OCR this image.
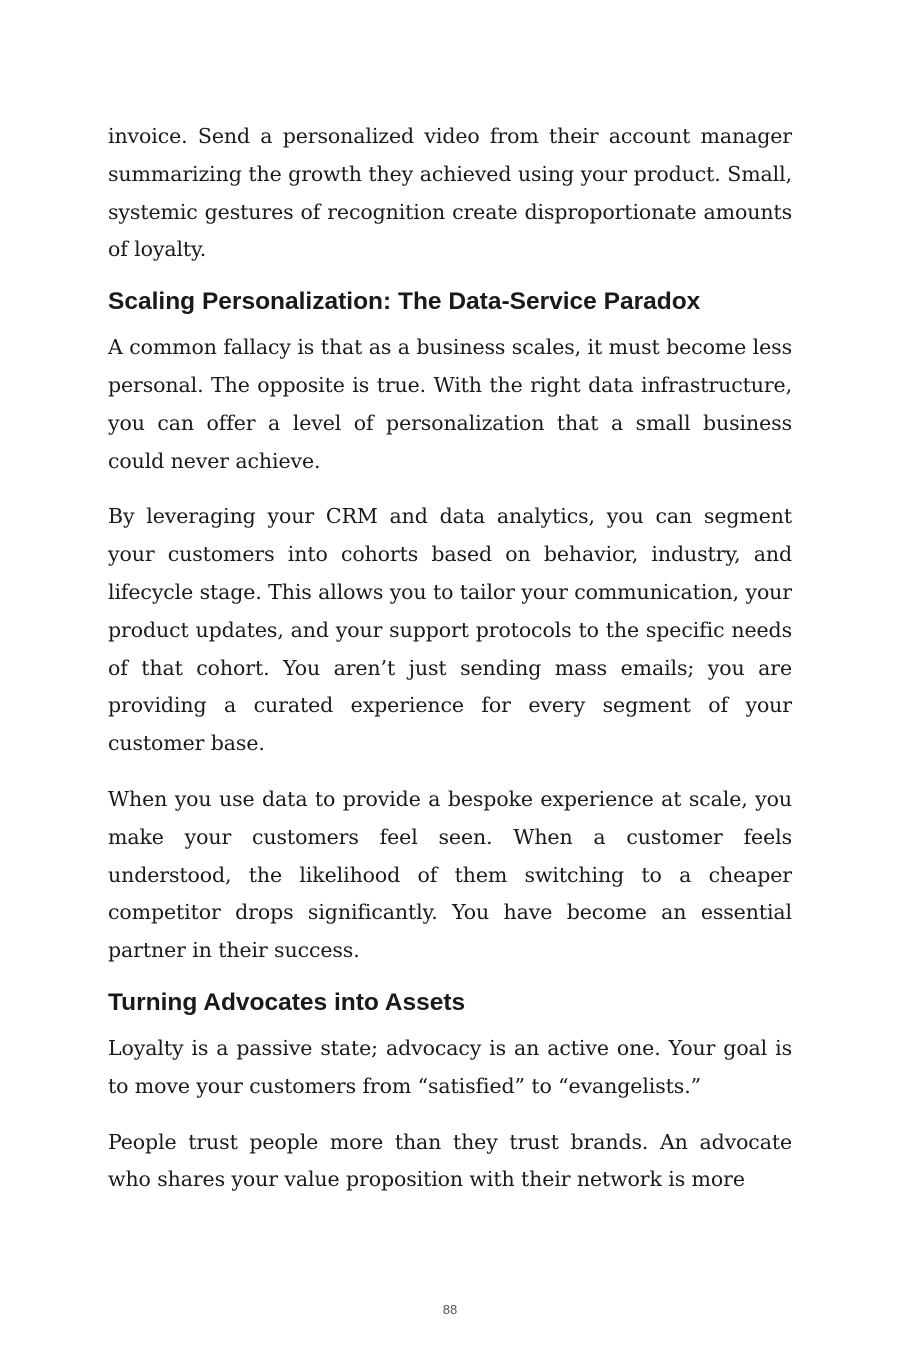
invoice. Send a personalized video from their account manager summarizing the growth they achieved using your product. Small, systemic gestures of recognition create disproportionate amounts of loyalty.

Scaling Personalization: The Data-Service Paradox

A common fallacy is that as a business scales, it must become less personal. The opposite is true. With the right data infrastructure, you can offer a level of personalization that a small business could never achieve.

By leveraging your CRM and data analytics, you can segment your customers into cohorts based on behavior, industry, and lifecycle stage. This allows you to tailor your communication, your product updates, and your support protocols to the specific needs of that cohort. You aren’t just sending mass emails; you are providing a curated experience for every segment of your customer base.

When you use data to provide a bespoke experience at scale, you make your customers feel seen. When a customer feels understood, the likelihood of them switching to a cheaper competitor drops significantly. You have become an essential partner in their success.

Turning Advocates into Assets

Loyalty is a passive state; advocacy is an active one. Your goal is to move your customers from “satisfied” to “evangelists.”

People trust people more than they trust brands. An advocate who shares your value proposition with their network is more

88
